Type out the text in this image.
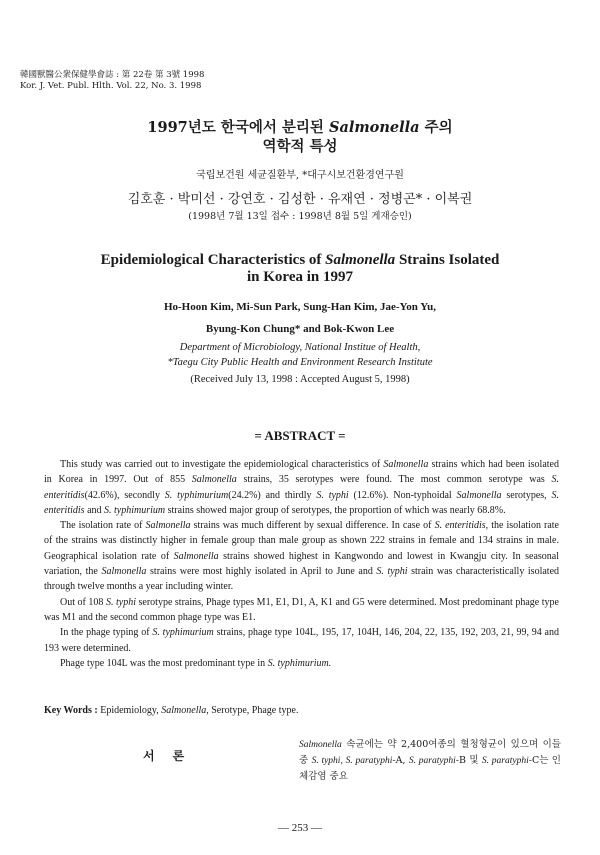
韓國獸醫公衆保健學會誌 : 第 22卷 第 3號 1998
Kor. J. Vet. Publ. Hlth. Vol. 22, No. 3. 1998
1997년도 한국에서 분리된 Salmonella 주의
역학적 특성
국립보건원 세균질환부, *대구시보건환경연구원
김호훈 · 박미선 · 강연호 · 김성한 · 유재연 · 정병곤* · 이복권
(1998년 7월 13일 접수 : 1998년 8월 5일 게재승인)
Epidemiological Characteristics of Salmonella Strains Isolated
in Korea in 1997
Ho-Hoon Kim, Mi-Sun Park, Sung-Han Kim, Jae-Yon Yu,
Byung-Kon Chung* and Bok-Kwon Lee
Department of Microbiology, National Institue of Health,
*Taegu City Public Health and Environment Research Institute
(Received July 13, 1998 : Accepted August 5, 1998)
= ABSTRACT =

This study was carried out to investigate the epidemiological characteristics of Salmonella strains which had been isolated in Korea in 1997. Out of 855 Salmonella strains, 35 serotypes were found. The most common serotype was S. enteritidis(42.6%), secondly S. typhimurium(24.2%) and thirdly S. typhi (12.6%). Non-typhoidal Salmonella serotypes, S. enteritidis and S. typhimurium strains showed major group of serotypes, the proportion of which was nearly 68.8%.

The isolation rate of Salmonella strains was much different by sexual difference. In case of S. enteritidis, the isolation rate of the strains was distinctly higher in female group than male group as shown 222 strains in female and 134 strains in male. Geographical isolation rate of Salmonella strains showed highest in Kangwondo and lowest in Kwangju city. In seasonal variation, the Salmonella strains were most highly isolated in April to June and S. typhi strain was characteristically isolated through twelve months a year including winter.

Out of 108 S. typhi serotype strains, Phage types M1, E1, D1, A, K1 and G5 were determined. Most predominant phage type was M1 and the second common phage type was E1.

In the phage typing of S. typhimurium strains, phage type 104L, 195, 17, 104H, 146, 204, 22, 135, 192, 203, 21, 99, 94 and 193 were determined.

Phage type 104L was the most predominant type in S. typhimurium.

Key Words : Epidemiology, Salmonella, Serotype, Phage type.
서론
Salmonella 속균에는 약 2,400여종의 혈청형균이 있으며 이들중 S. typhi, S. paratyphi-A, S. paratyphi-B 및 S. paratyphi-C는 인체감염 중요
— 253 —
